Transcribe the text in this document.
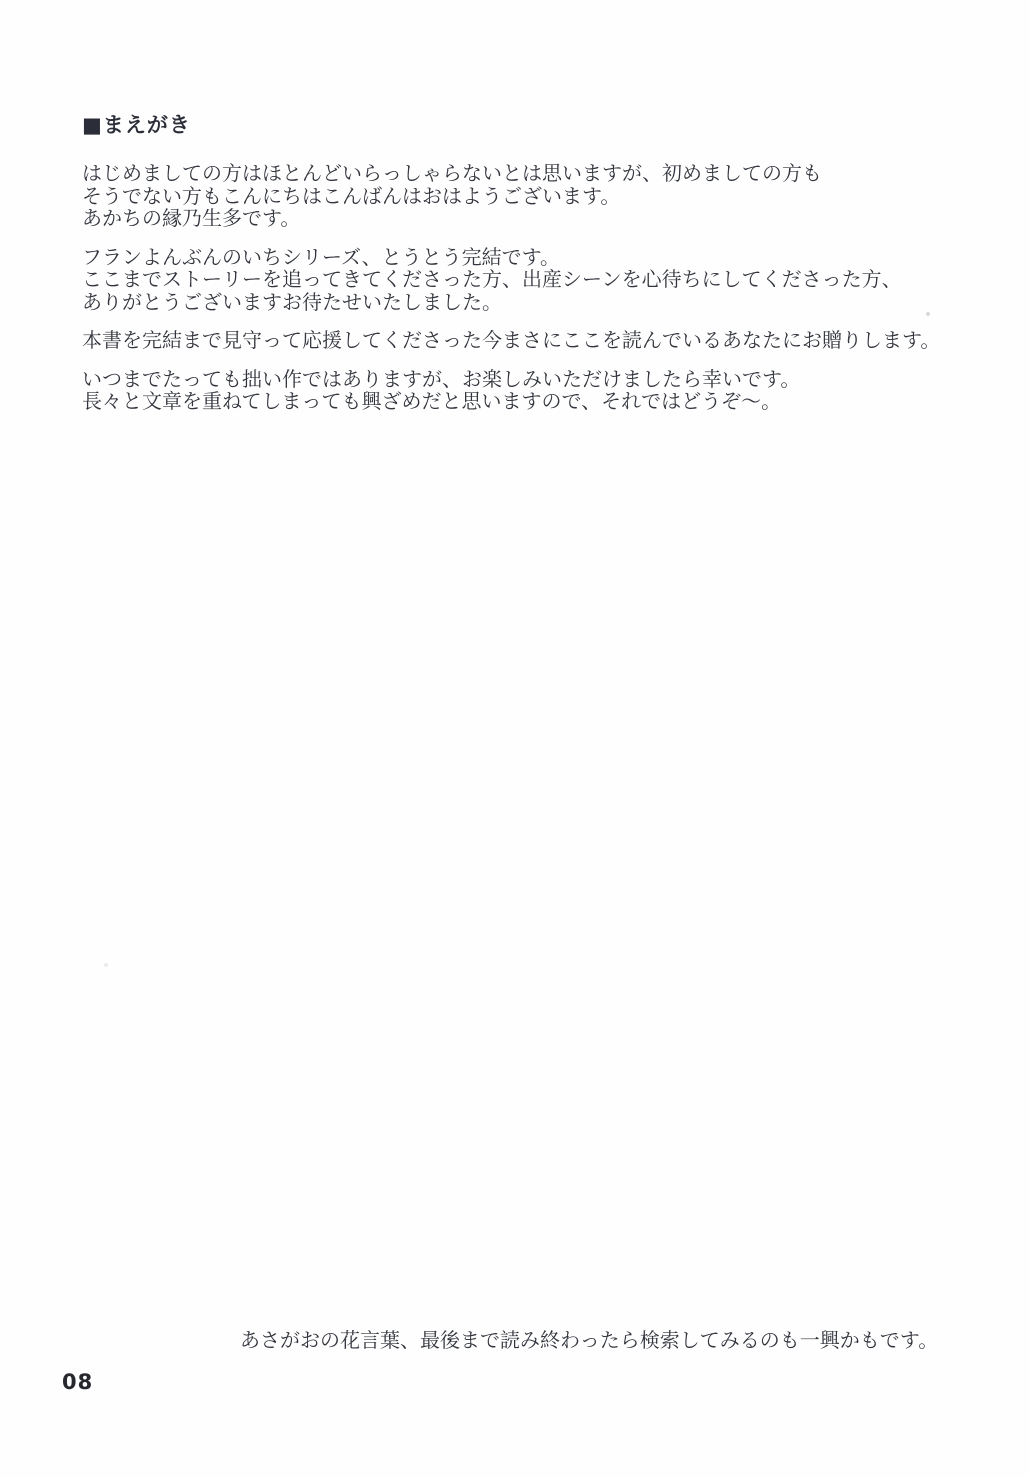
■まえがき
はじめましての方はほとんどいらっしゃらないとは思いますが、初めましての方も
そうでない方もこんにちはこんばんはおはようございます。
あかちの縁乃生多です。
フランよんぶんのいちシリーズ、とうとう完結です。
ここまでストーリーを追ってきてくださった方、出産シーンを心待ちにしてくださった方、
ありがとうございますお待たせいたしました。
本書を完結まで見守って応援してくださった今まさにここを読んでいるあなたにお贈りします。
いつまでたっても拙い作ではありますが、お楽しみいただけましたら幸いです。
長々と文章を重ねてしまっても興ざめだと思いますので、それではどうぞ〜。
あさがおの花言葉、最後まで読み終わったら検索してみるのも一興かもです。
08
